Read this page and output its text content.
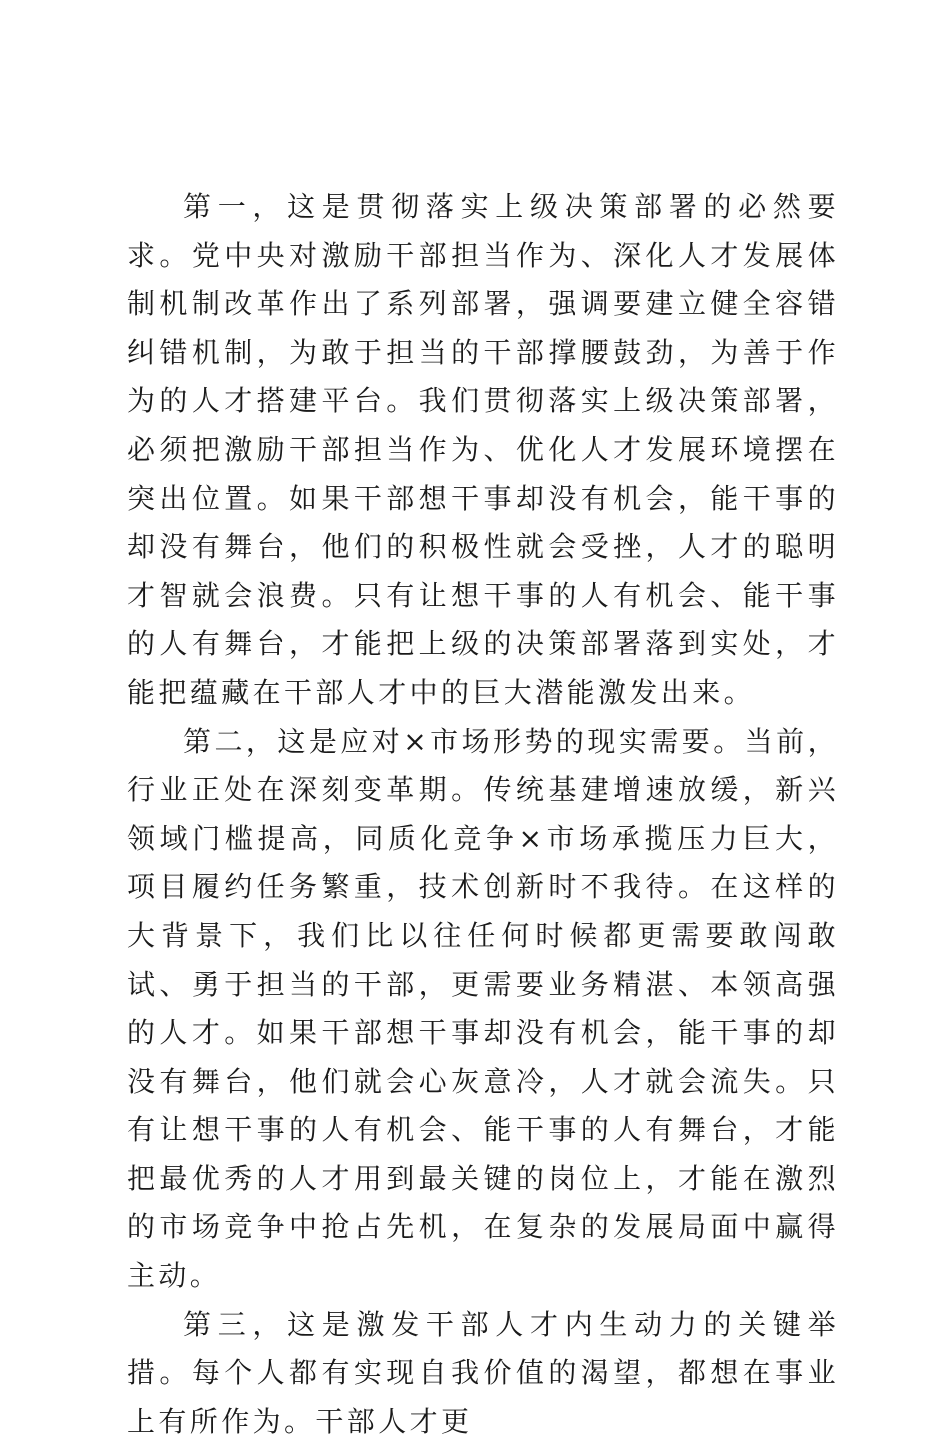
第一，这是贯彻落实上级决策部署的必然要求。党中央对激励干部担当作为、深化人才发展体制机制改革作出了系列部署，强调要建立健全容错纠错机制，为敢于担当的干部撑腰鼓劲，为善于作为的人才搭建平台。我们贯彻落实上级决策部署，必须把激励干部担当作为、优化人才发展环境摆在突出位置。如果干部想干事却没有机会，能干事的却没有舞台，他们的积极性就会受挫，人才的聪明才智就会浪费。只有让想干事的人有机会、能干事的人有舞台，才能把上级的决策部署落到实处，才能把蕴藏在干部人才中的巨大潜能激发出来。

第二，这是应对×市场形势的现实需要。当前，行业正处在深刻变革期。传统基建增速放缓，新兴领域门槛提高，同质化竞争×市场承揽压力巨大，项目履约任务繁重，技术创新时不我待。在这样的大背景下，我们比以往任何时候都更需要敢闯敢试、勇于担当的干部，更需要业务精湛、本领高强的人才。如果干部想干事却没有机会，能干事的却没有舞台，他们就会心灰意冷，人才就会流失。只有让想干事的人有机会、能干事的人有舞台，才能把最优秀的人才用到最关键的岗位上，才能在激烈的市场竞争中抢占先机，在复杂的发展局面中赢得主动。

第三，这是激发干部人才内生动力的关键举措。每个人都有实现自我价值的渴望，都想在事业上有所作为。干部人才更
